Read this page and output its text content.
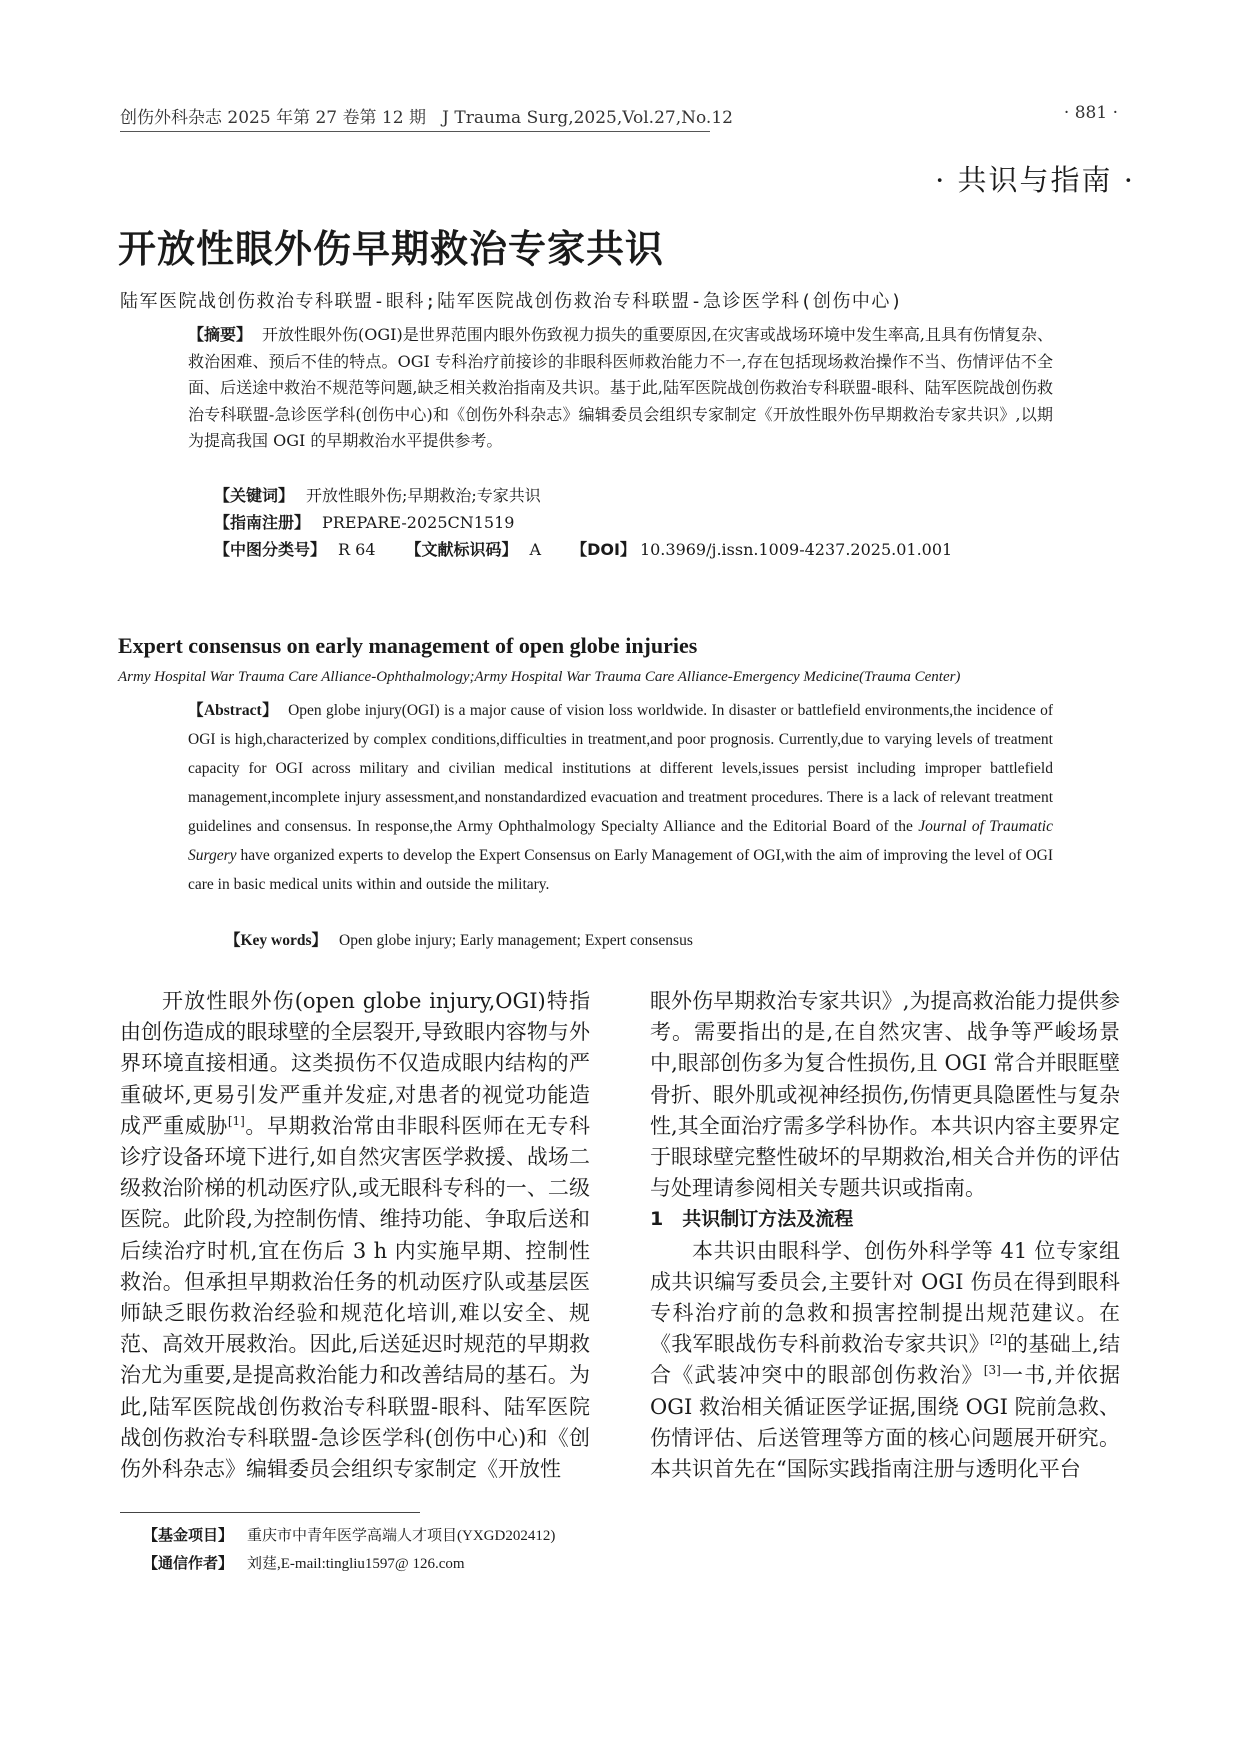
创伤外科杂志 2025 年第 27 卷第 12 期 J Trauma Surg,2025,Vol.27,No.12	· 881 ·
· 共识与指南 ·
开放性眼外伤早期救治专家共识
陆军医院战创伤救治专科联盟-眼科;陆军医院战创伤救治专科联盟-急诊医学科(创伤中心)
【摘要】 开放性眼外伤(OGI)是世界范围内眼外伤致视力损失的重要原因,在灾害或战场环境中发生率高,且具有伤情复杂、救治困难、预后不佳的特点。OGI 专科治疗前接诊的非眼科医师救治能力不一,存在包括现场救治操作不当、伤情评估不全面、后送途中救治不规范等问题,缺乏相关救治指南及共识。基于此,陆军医院战创伤救治专科联盟-眼科、陆军医院战创伤救治专科联盟-急诊医学科(创伤中心)和《创伤外科杂志》编辑委员会组织专家制定《开放性眼外伤早期救治专家共识》,以期为提高我国 OGI 的早期救治水平提供参考。
【关键词】 开放性眼外伤;早期救治;专家共识
【指南注册】 PREPARE-2025CN1519
【中图分类号】 R 64 【文献标识码】 A 【DOI】 10.3969/j.issn.1009-4237.2025.01.001
Expert consensus on early management of open globe injuries
Army Hospital War Trauma Care Alliance-Ophthalmology;Army Hospital War Trauma Care Alliance-Emergency Medicine(Trauma Center)
【Abstract】 Open globe injury(OGI) is a major cause of vision loss worldwide. In disaster or battlefield environments,the incidence of OGI is high,characterized by complex conditions,difficulties in treatment,and poor prognosis. Currently,due to varying levels of treatment capacity for OGI across military and civilian medical institutions at different levels,issues persist including improper battlefield management,incomplete injury assessment,and nonstandardized evacuation and treatment procedures. There is a lack of relevant treatment guidelines and consensus. In response,the Army Ophthalmology Specialty Alliance and the Editorial Board of the Journal of Traumatic Surgery have organized experts to develop the Expert Consensus on Early Management of OGI,with the aim of improving the level of OGI care in basic medical units within and outside the military.
【Key words】 Open globe injury; Early management; Expert consensus

开放性眼外伤(open globe injury,OGI)特指由创伤造成的眼球壁的全层裂开,导致眼内容物与外界环境直接相通。这类损伤不仅造成眼内结构的严重破坏,更易引发严重并发症,对患者的视觉功能造成严重威胁[1]。早期救治常由非眼科医师在无专科诊疗设备环境下进行,如自然灾害医学救援、战场二级救治阶梯的机动医疗队,或无眼科专科的一、二级医院。此阶段,为控制伤情、维持功能、争取后送和后续治疗时机,宜在伤后 3 h 内实施早期、控制性救治。但承担早期救治任务的机动医疗队或基层医师缺乏眼伤救治经验和规范化培训,难以安全、规范、高效开展救治。因此,后送延迟时规范的早期救治尤为重要,是提高救治能力和改善结局的基石。为此,陆军医院战创伤救治专科联盟-眼科、陆军医院战创伤救治专科联盟-急诊医学科(创伤中心)和《创伤外科杂志》编辑委员会组织专家制定《开放性

眼外伤早期救治专家共识》,为提高救治能力提供参考。需要指出的是,在自然灾害、战争等严峻场景中,眼部创伤多为复合性损伤,且 OGI 常合并眼眶壁骨折、眼外肌或视神经损伤,伤情更具隐匿性与复杂性,其全面治疗需多学科协作。本共识内容主要界定于眼球壁完整性破坏的早期救治,相关合并伤的评估与处理请参阅相关专题共识或指南。

1　共识制订方法及流程

本共识由眼科学、创伤外科学等 41 位专家组成共识编写委员会,主要针对 OGI 伤员在得到眼科专科治疗前的急救和损害控制提出规范建议。在《我军眼战伤专科前救治专家共识》[2]的基础上,结合《武装冲突中的眼部创伤救治》[3]一书,并依据 OGI 救治相关循证医学证据,围绕 OGI 院前急救、伤情评估、后送管理等方面的核心问题展开研究。本共识首先在“国际实践指南注册与透明化平台

【基金项目】 重庆市中青年医学高端人才项目(YXGD202412)
【通信作者】 刘莛,E-mail:tingliu1597@ 126.com
